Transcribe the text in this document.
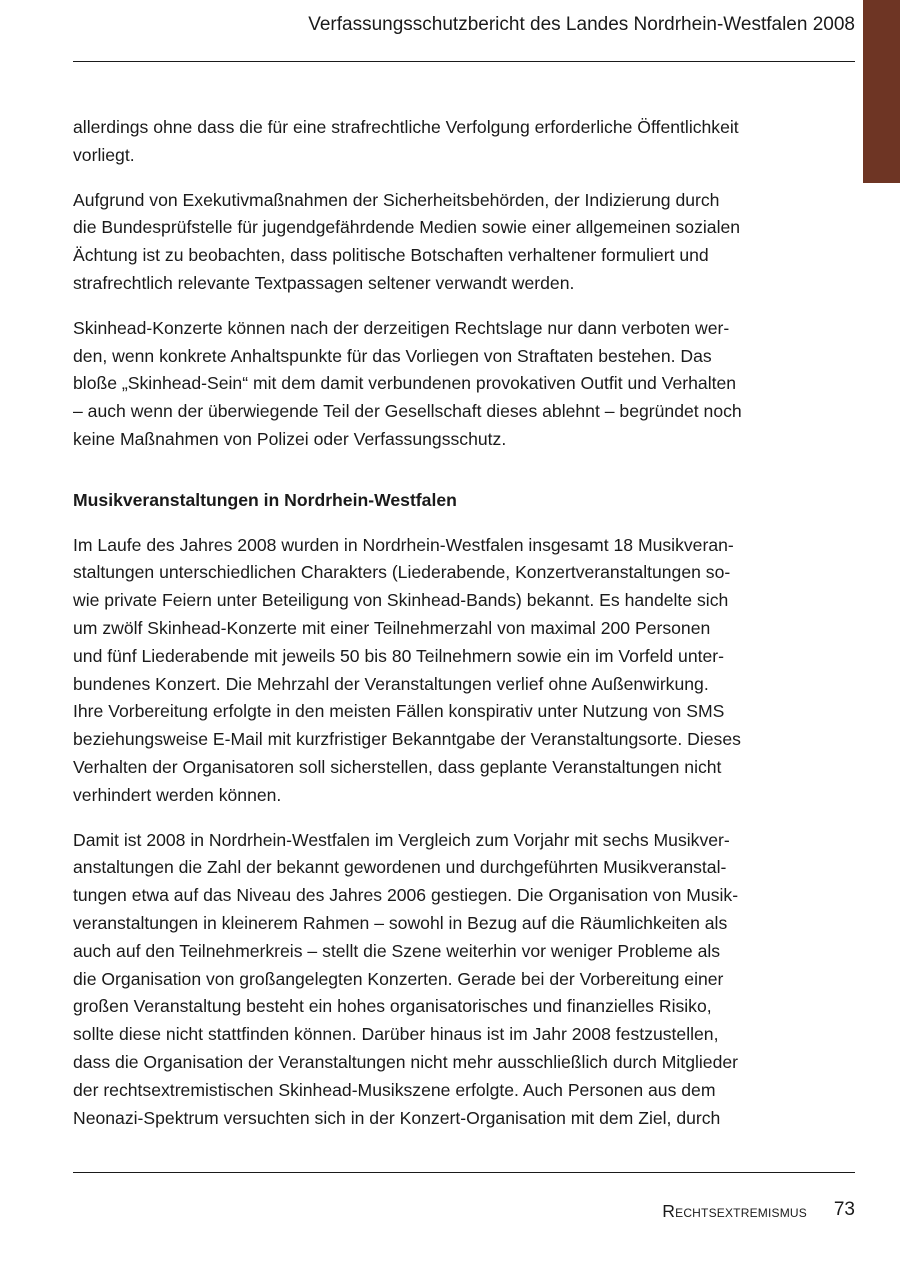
Verfassungsschutzbericht des Landes Nordrhein-Westfalen 2008

allerdings ohne dass die für eine strafrechtliche Verfolgung erforderliche Öffentlichkeit
vorliegt.

Aufgrund von Exekutivmaßnahmen der Sicherheitsbehörden, der Indizierung durch
die Bundesprüfstelle für jugendgefährdende Medien sowie einer allgemeinen sozialen
Ächtung ist zu beobachten, dass politische Botschaften verhaltener formuliert und
strafrechtlich relevante Textpassagen seltener verwandt werden.

Skinhead-Konzerte können nach der derzeitigen Rechtslage nur dann verboten wer-
den, wenn konkrete Anhaltspunkte für das Vorliegen von Straftaten bestehen. Das
bloße „Skinhead-Sein“ mit dem damit verbundenen provokativen Outfit und Verhalten
– auch wenn der überwiegende Teil der Gesellschaft dieses ablehnt – begründet noch
keine Maßnahmen von Polizei oder Verfassungsschutz.

Musikveranstaltungen in Nordrhein-Westfalen

Im Laufe des Jahres 2008 wurden in Nordrhein-Westfalen insgesamt 18 Musikveran-
staltungen unterschiedlichen Charakters (Liederabende, Konzertveranstaltungen so-
wie private Feiern unter Beteiligung von Skinhead-Bands) bekannt. Es handelte sich
um zwölf Skinhead-Konzerte mit einer Teilnehmerzahl von maximal 200 Personen
und fünf Liederabende mit jeweils 50 bis 80 Teilnehmern sowie ein im Vorfeld unter-
bundenes Konzert. Die Mehrzahl der Veranstaltungen verlief ohne Außenwirkung.
Ihre Vorbereitung erfolgte in den meisten Fällen konspirativ unter Nutzung von SMS
beziehungsweise E-Mail mit kurzfristiger Bekanntgabe der Veranstaltungsorte. Dieses
Verhalten der Organisatoren soll sicherstellen, dass geplante Veranstaltungen nicht
verhindert werden können.

Damit ist 2008 in Nordrhein-Westfalen im Vergleich zum Vorjahr mit sechs Musikver-
anstaltungen die Zahl der bekannt gewordenen und durchgeführten Musikveranstal-
tungen etwa auf das Niveau des Jahres 2006 gestiegen. Die Organisation von Musik-
veranstaltungen in kleinerem Rahmen – sowohl in Bezug auf die Räumlichkeiten als
auch auf den Teilnehmerkreis – stellt die Szene weiterhin vor weniger Probleme als
die Organisation von großangelegten Konzerten. Gerade bei der Vorbereitung einer
großen Veranstaltung besteht ein hohes organisatorisches und finanzielles Risiko,
sollte diese nicht stattfinden können. Darüber hinaus ist im Jahr 2008 festzustellen,
dass die Organisation der Veranstaltungen nicht mehr ausschließlich durch Mitglieder
der rechtsextremistischen Skinhead-Musikszene erfolgte. Auch Personen aus dem
Neonazi-Spektrum versuchten sich in der Konzert-Organisation mit dem Ziel, durch

Rechtsextremismus 73
